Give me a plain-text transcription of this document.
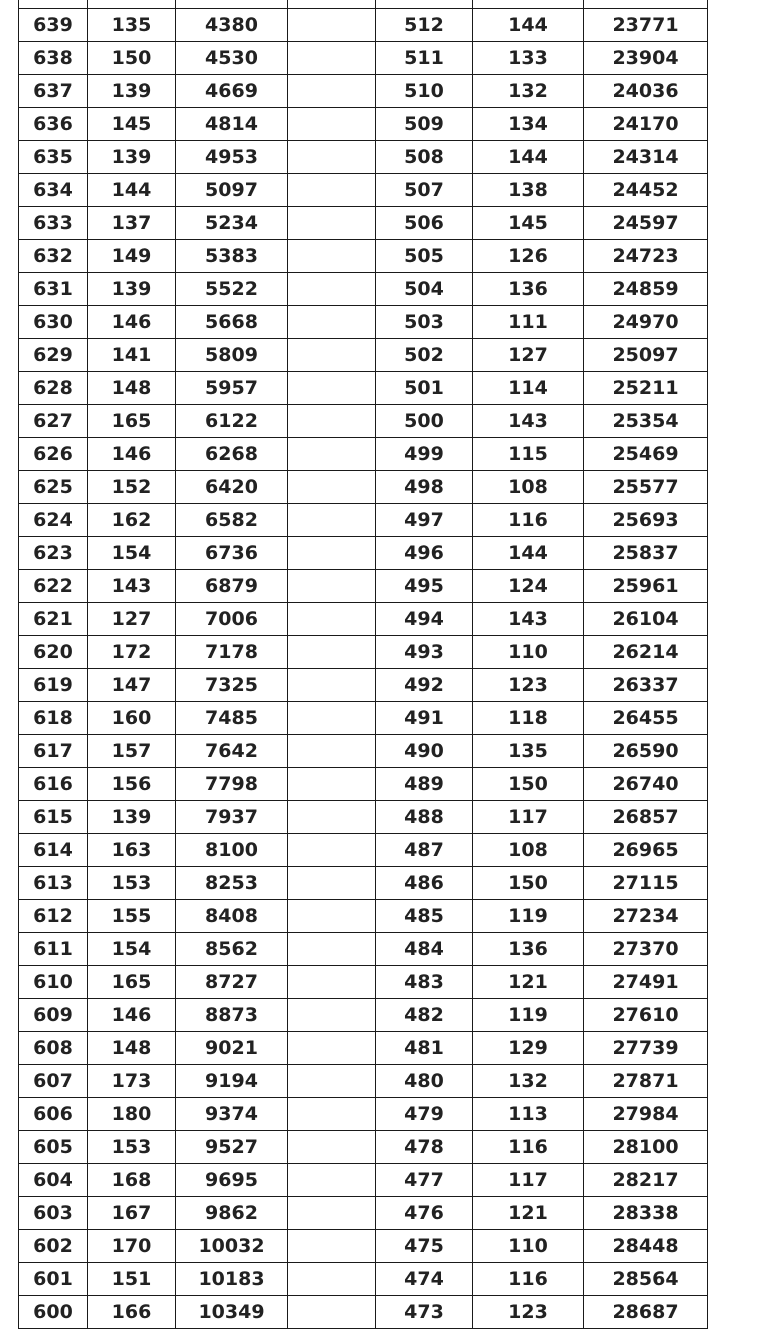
639	135	4380		512	144	23771
638	150	4530		511	133	23904
637	139	4669		510	132	24036
636	145	4814		509	134	24170
635	139	4953		508	144	24314
634	144	5097		507	138	24452
633	137	5234		506	145	24597
632	149	5383		505	126	24723
631	139	5522		504	136	24859
630	146	5668		503	111	24970
629	141	5809		502	127	25097
628	148	5957		501	114	25211
627	165	6122		500	143	25354
626	146	6268		499	115	25469
625	152	6420		498	108	25577
624	162	6582		497	116	25693
623	154	6736		496	144	25837
622	143	6879		495	124	25961
621	127	7006		494	143	26104
620	172	7178		493	110	26214
619	147	7325		492	123	26337
618	160	7485		491	118	26455
617	157	7642		490	135	26590
616	156	7798		489	150	26740
615	139	7937		488	117	26857
614	163	8100		487	108	26965
613	153	8253		486	150	27115
612	155	8408		485	119	27234
611	154	8562		484	136	27370
610	165	8727		483	121	27491
609	146	8873		482	119	27610
608	148	9021		481	129	27739
607	173	9194		480	132	27871
606	180	9374		479	113	27984
605	153	9527		478	116	28100
604	168	9695		477	117	28217
603	167	9862		476	121	28338
602	170	10032		475	110	28448
601	151	10183		474	116	28564
600	166	10349		473	123	28687
